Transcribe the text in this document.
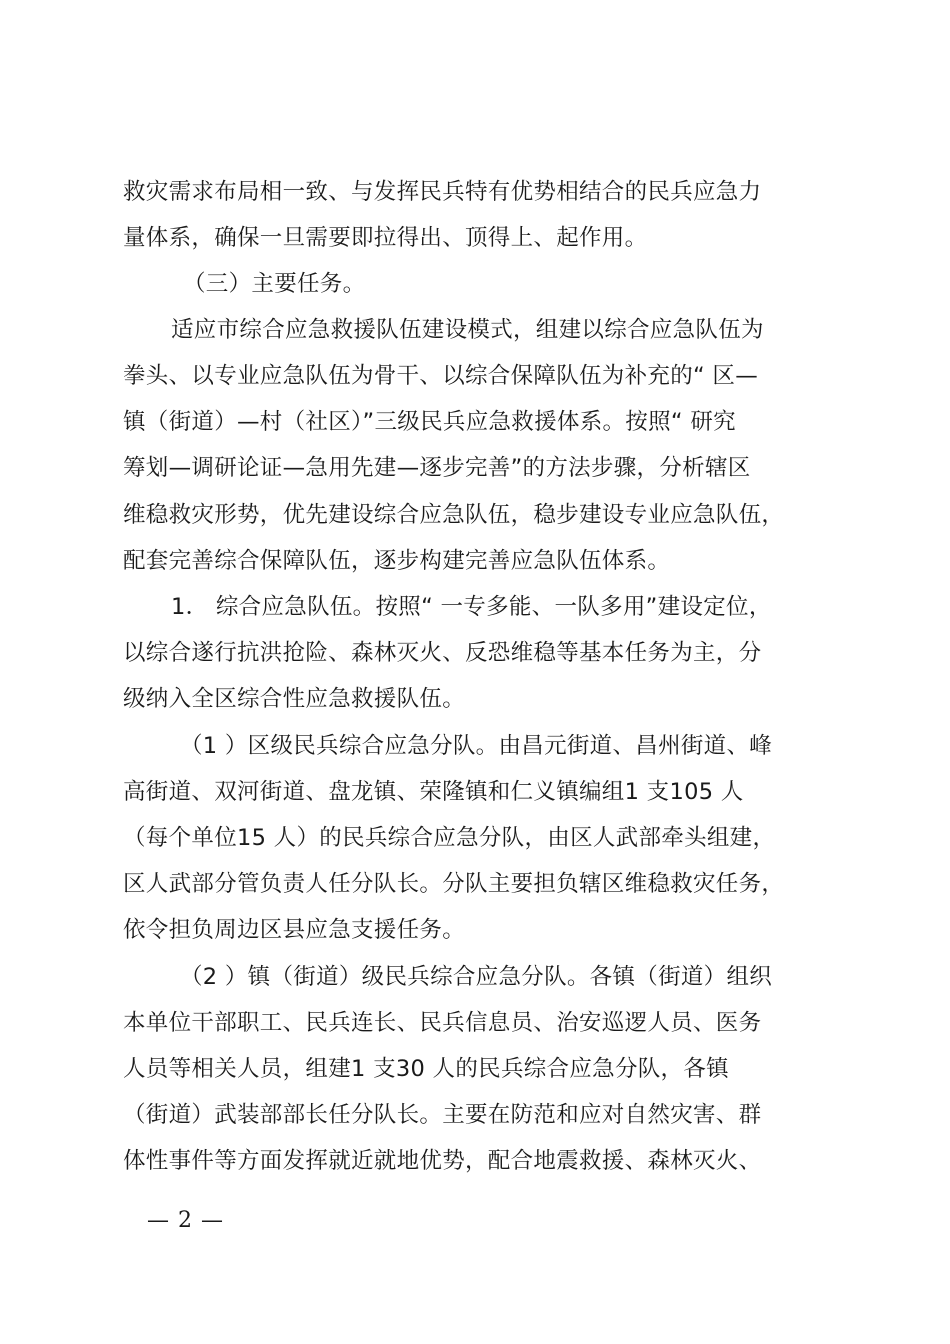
救灾需求布局相一致、与发挥民兵特有优势相结合的民兵应急力
量体系，确保一旦需要即拉得出、顶得上、起作用。
（三）主要任务。
适应市综合应急救援队伍建设模式，组建以综合应急队伍为
拳头、以专业应急队伍为骨干、以综合保障队伍为补充的“ 区—
镇（街道）—村（社区）”三级民兵应急救援体系。按照“ 研究
筹划—调研论证—急用先建—逐步完善”的方法步骤，分析辖区
维稳救灾形势，优先建设综合应急队伍，稳步建设专业应急队伍，
配套完善综合保障队伍，逐步构建完善应急队伍体系。
1． 综合应急队伍。按照“ 一专多能、一队多用”建设定位，
以综合遂行抗洪抢险、森林灭火、反恐维稳等基本任务为主，分
级纳入全区综合性应急救援队伍。
（1 ）区级民兵综合应急分队。由昌元街道、昌州街道、峰
高街道、双河街道、盘龙镇、荣隆镇和仁义镇编组1 支105 人
（每个单位15 人）的民兵综合应急分队，由区人武部牵头组建，
区人武部分管负责人任分队长。分队主要担负辖区维稳救灾任务，
依令担负周边区县应急支援任务。
（2 ）镇（街道）级民兵综合应急分队。各镇（街道）组织
本单位干部职工、民兵连长、民兵信息员、治安巡逻人员、医务
人员等相关人员，组建1 支30 人的民兵综合应急分队，各镇
（街道）武装部部长任分队长。主要在防范和应对自然灾害、群
体性事件等方面发挥就近就地优势，配合地震救援、森林灭火、
— 2 —
